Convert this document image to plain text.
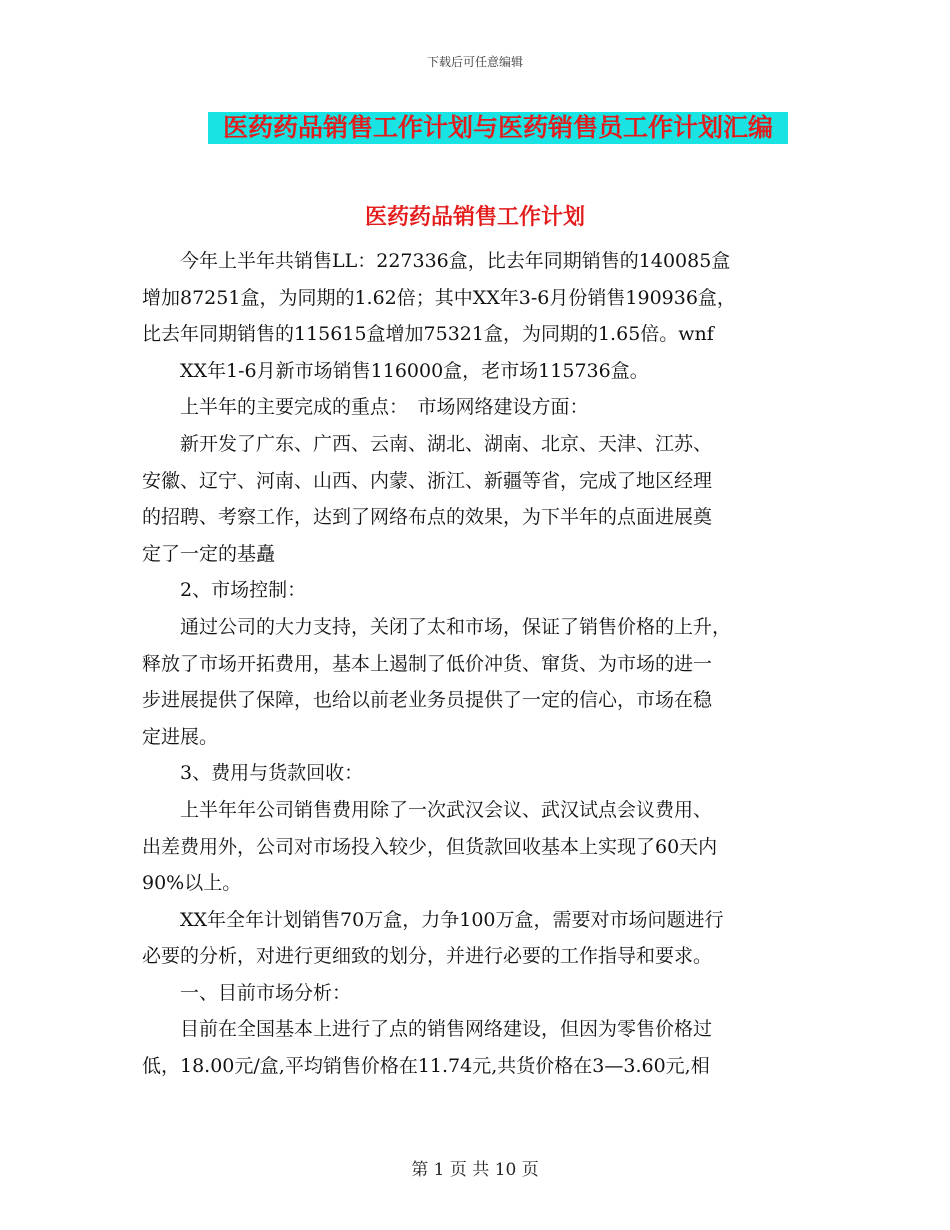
下载后可任意编辑
医药药品销售工作计划与医药销售员工作计划汇编
医药药品销售工作计划

　　今年上半年共销售LL：227336盒，比去年同期销售的140085盒

增加87251盒，为同期的1.62倍；其中XX年3-6月份销售190936盒，

比去年同期销售的115615盒增加75321盒，为同期的1.65倍。wnf

　　XX年1-6月新市场销售116000盒，老市场115736盒。

　　上半年的主要完成的重点：　市场网络建设方面：

　　新开发了广东、广西、云南、湖北、湖南、北京、天津、江苏、

安徽、辽宁、河南、山西、内蒙、浙江、新疆等省，完成了地区经理

的招聘、考察工作，达到了网络布点的效果，为下半年的点面进展奠

定了一定的基矗

　　2、市场控制：

　　通过公司的大力支持，关闭了太和市场，保证了销售价格的上升，

释放了市场开拓费用，基本上遏制了低价冲货、窜货、为市场的进一

步进展提供了保障，也给以前老业务员提供了一定的信心，市场在稳

定进展。

　　3、费用与货款回收：

　　上半年年公司销售费用除了一次武汉会议、武汉试点会议费用、

出差费用外，公司对市场投入较少，但货款回收基本上实现了60天内

90%以上。

　　XX年全年计划销售70万盒，力争100万盒，需要对市场问题进行

必要的分析，对进行更细致的划分，并进行必要的工作指导和要求。

　　一、目前市场分析：

　　目前在全国基本上进行了点的销售网络建设，但因为零售价格过

低，18.00元/盒,平均销售价格在11.74元,共货价格在3—3.60元,相

第 1 页 共 10 页
